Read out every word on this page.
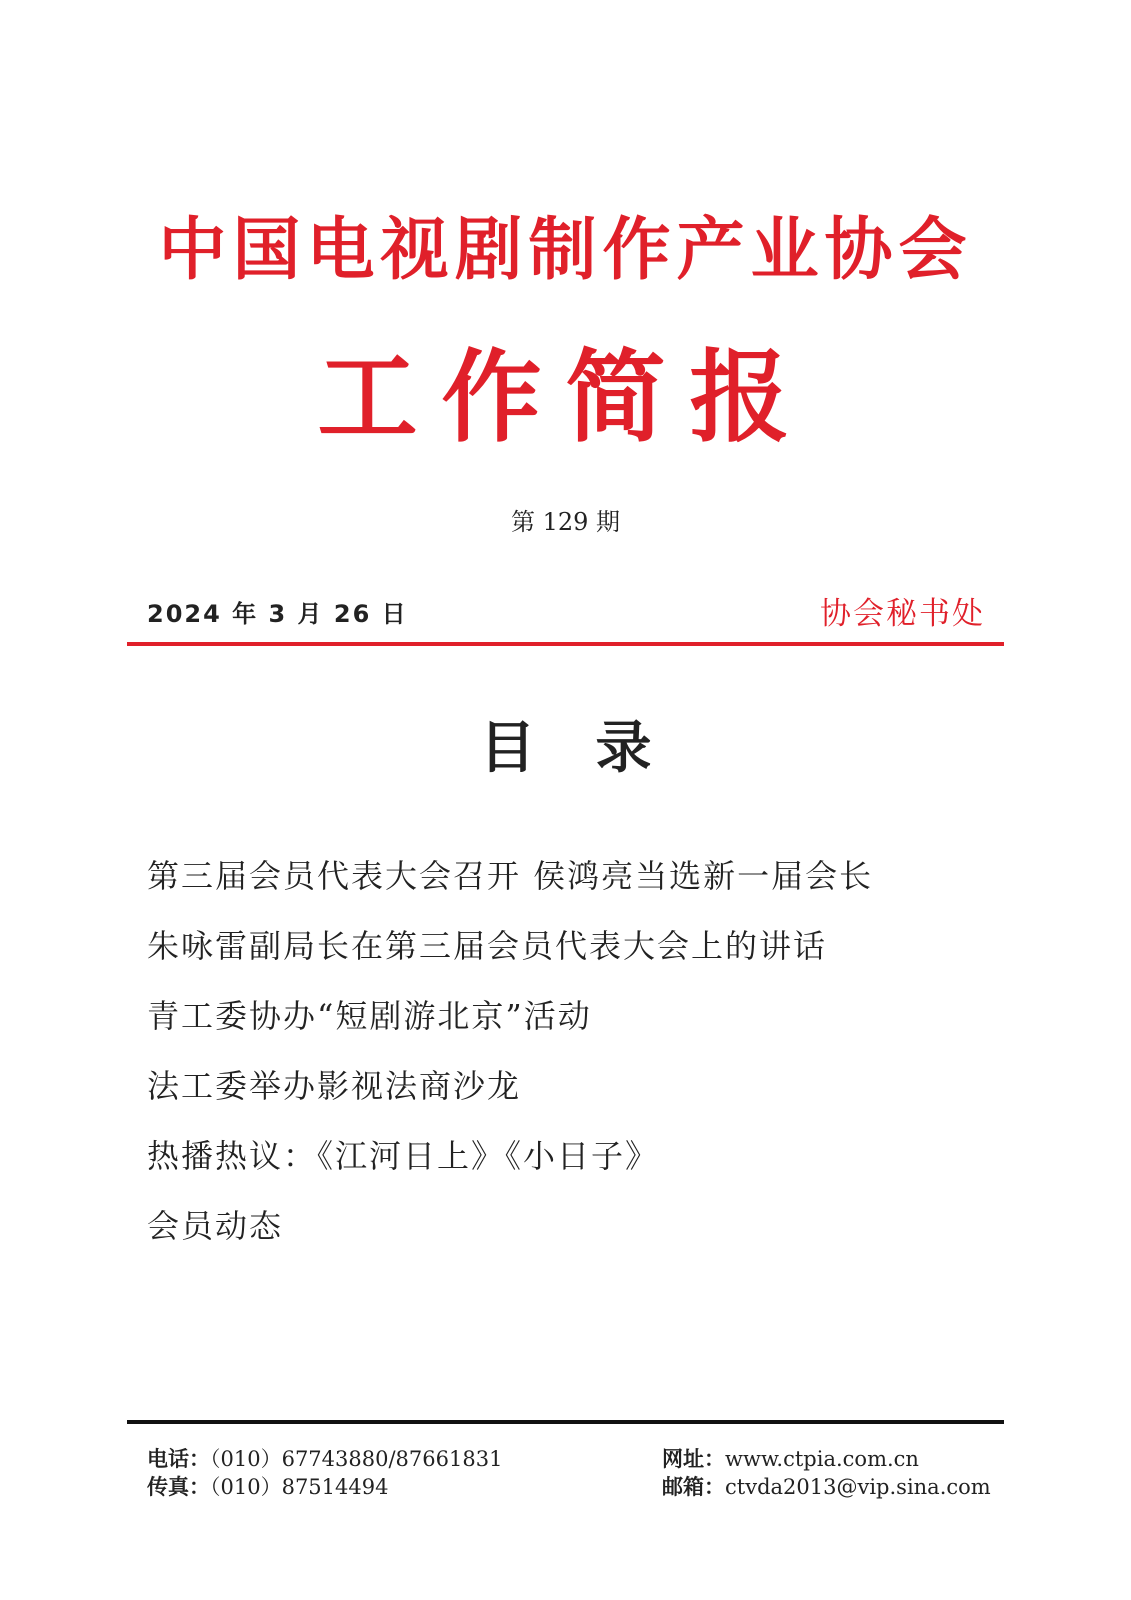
中国电视剧制作产业协会
工作简报
第 129 期
2024 年 3 月 26 日	协会秘书处
目录
第三届会员代表大会召开 侯鸿亮当选新一届会长
朱咏雷副局长在第三届会员代表大会上的讲话
青工委协办“短剧游北京”活动
法工委举办影视法商沙龙
热播热议：《江河日上》《小日子》
会员动态
电话：（010）67743880/87661831
传真：（010）87514494
网址：www.ctpia.com.cn
邮箱：ctvda2013@vip.sina.com
